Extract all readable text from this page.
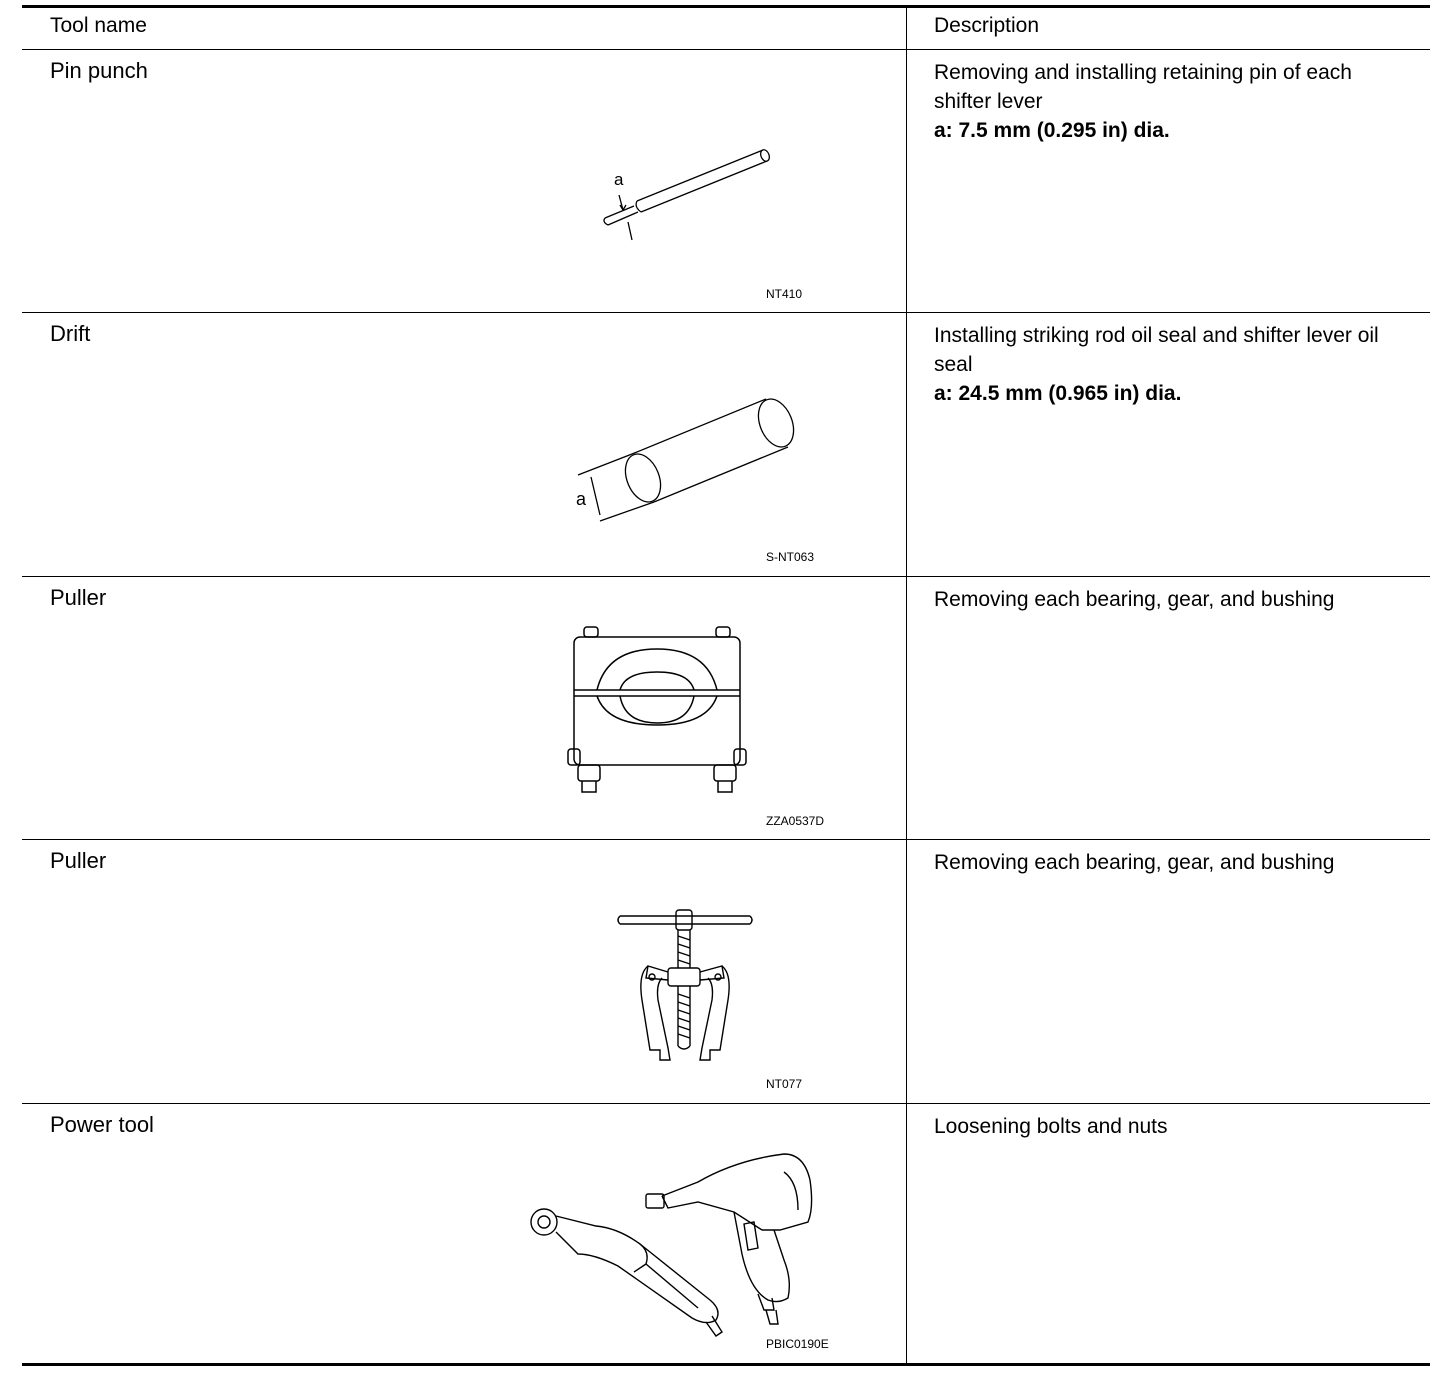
Tool name	Description
Pin punch
a
NT410
Removing and installing retaining pin of each shifter lever
a: 7.5 mm (0.295 in) dia.
Drift
a
S-NT063
Installing striking rod oil seal and shifter lever oil seal
a: 24.5 mm (0.965 in) dia.
Puller
ZZA0537D
Removing each bearing, gear, and bushing
Puller
NT077
Removing each bearing, gear, and bushing
Power tool
PBIC0190E
Loosening bolts and nuts
